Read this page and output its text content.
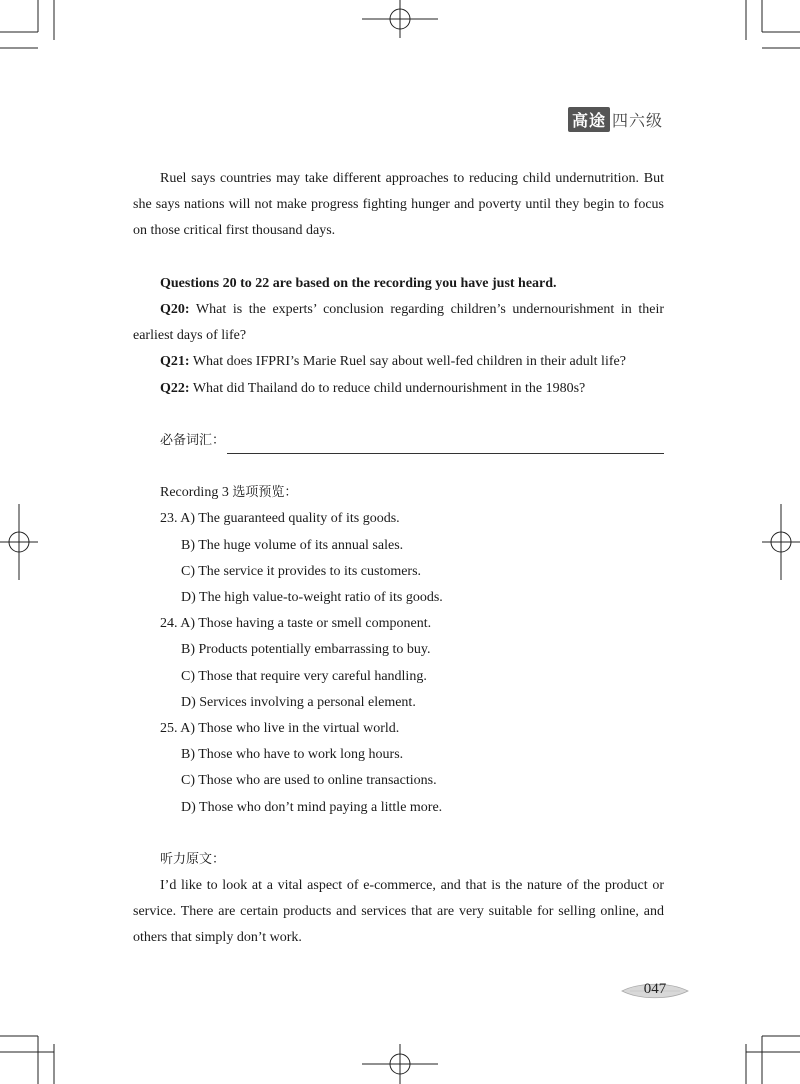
高途 四六级
Ruel says countries may take different approaches to reducing child undernutrition. But
she says nations will not make progress fighting hunger and poverty until they begin to focus
on those critical first thousand days.
Questions 20 to 22 are based on the recording you have just heard.
Q20: What is the experts’ conclusion regarding children’s undernourishment in their
earliest days of life?
Q21: What does IFPRI’s Marie Ruel say about well-fed children in their adult life?
Q22: What did Thailand do to reduce child undernourishment in the 1980s?
必备词汇：
Recording 3 选项预览：
23. A) The guaranteed quality of its goods.
B) The huge volume of its annual sales.
C) The service it provides to its customers.
D) The high value-to-weight ratio of its goods.
24. A) Those having a taste or smell component.
B) Products potentially embarrassing to buy.
C) Those that require very careful handling.
D) Services involving a personal element.
25. A) Those who live in the virtual world.
B) Those who have to work long hours.
C) Those who are used to online transactions.
D) Those who don’t mind paying a little more.
听力原文：
I’d like to look at a vital aspect of e-commerce, and that is the nature of the product or
service. There are certain products and services that are very suitable for selling online, and
others that simply don’t work.
047
